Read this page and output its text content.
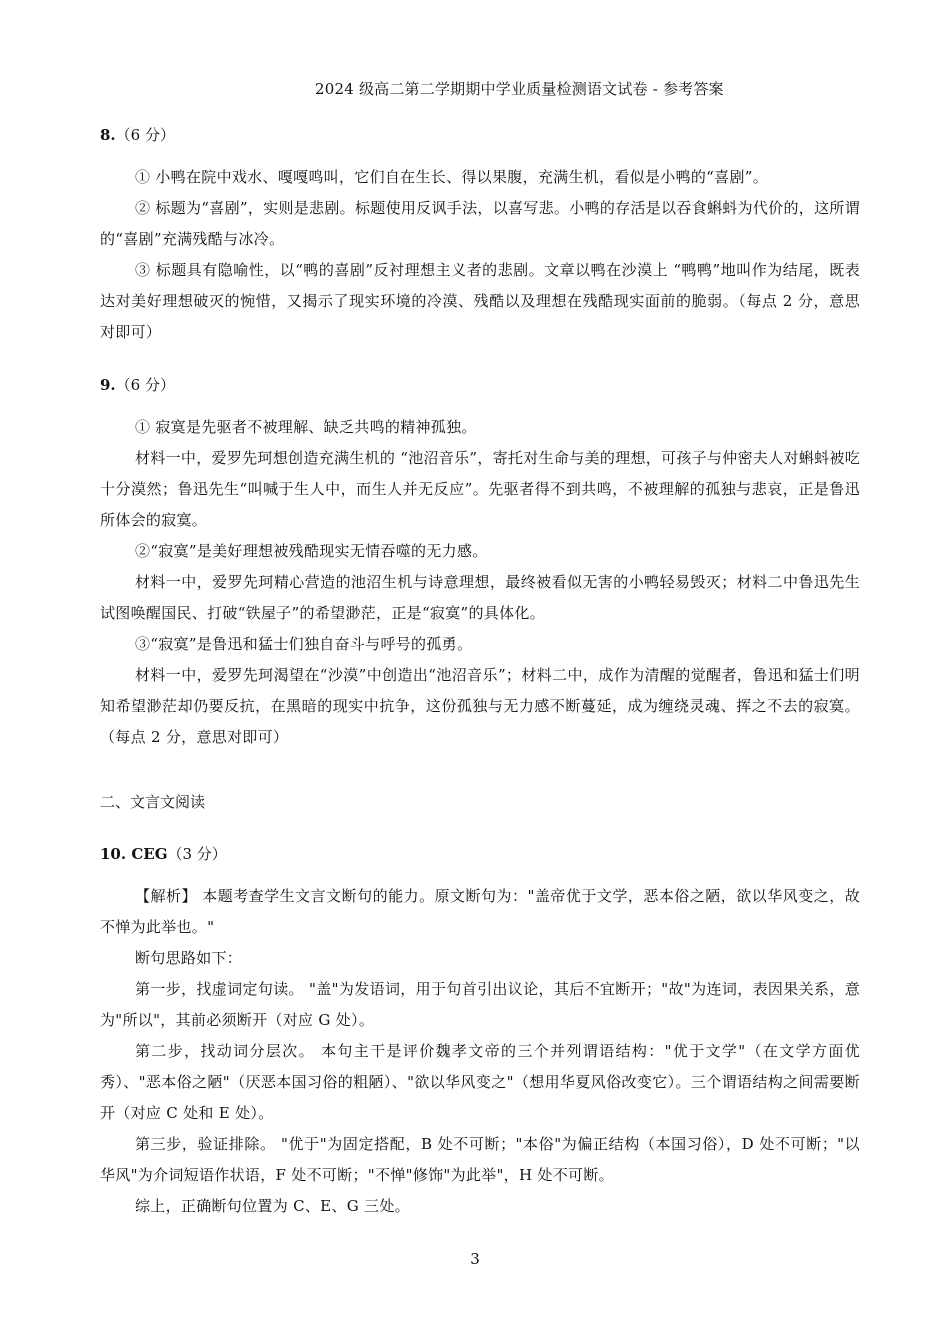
2024 级高二第二学期期中学业质量检测语文试卷 - 参考答案

8.（6 分）

① 小鸭在院中戏水、嘎嘎鸣叫，它们自在生长、得以果腹，充满生机，看似是小鸭的“喜剧”。

② 标题为“喜剧”，实则是悲剧。标题使用反讽手法，以喜写悲。小鸭的存活是以吞食蝌蚪为代价的，这所谓的“喜剧”充满残酷与冰冷。

③ 标题具有隐喻性，以“鸭的喜剧”反衬理想主义者的悲剧。文章以鸭在沙漠上 “鸭鸭”地叫作为结尾，既表达对美好理想破灭的惋惜，又揭示了现实环境的冷漠、残酷以及理想在残酷现实面前的脆弱。（每点 2 分，意思对即可）

9.（6 分）

① 寂寞是先驱者不被理解、缺乏共鸣的精神孤独。

材料一中，爱罗先珂想创造充满生机的 “池沼音乐”，寄托对生命与美的理想，可孩子与仲密夫人对蝌蚪被吃十分漠然；鲁迅先生“叫喊于生人中，而生人并无反应”。先驱者得不到共鸣，不被理解的孤独与悲哀，正是鲁迅所体会的寂寞。

②“寂寞”是美好理想被残酷现实无情吞噬的无力感。

材料一中，爱罗先珂精心营造的池沼生机与诗意理想，最终被看似无害的小鸭轻易毁灭；材料二中鲁迅先生试图唤醒国民、打破“铁屋子”的希望渺茫，正是“寂寞”的具体化。

③“寂寞”是鲁迅和猛士们独自奋斗与呼号的孤勇。

材料一中，爱罗先珂渴望在“沙漠”中创造出“池沼音乐”；材料二中，成作为清醒的觉醒者，鲁迅和猛士们明知希望渺茫却仍要反抗，在黑暗的现实中抗争，这份孤独与无力感不断蔓延，成为缠绕灵魂、挥之不去的寂寞。（每点 2 分，意思对即可）

二、文言文阅读

10. CEG（3 分）

【解析】 本题考查学生文言文断句的能力。原文断句为："盖帝优于文学，恶本俗之陋，欲以华风变之，故不惮为此举也。"

断句思路如下：

第一步，找虚词定句读。 "盖"为发语词，用于句首引出议论，其后不宜断开；"故"为连词，表因果关系，意为"所以"，其前必须断开（对应 G 处）。

第二步，找动词分层次。 本句主干是评价魏孝文帝的三个并列谓语结构："优于文学"（在文学方面优秀）、"恶本俗之陋"（厌恶本国习俗的粗陋）、"欲以华风变之"（想用华夏风俗改变它）。三个谓语结构之间需要断开（对应 C 处和 E 处）。

第三步，验证排除。 "优于"为固定搭配，B 处不可断；"本俗"为偏正结构（本国习俗），D 处不可断；"以华风"为介词短语作状语，F 处不可断；"不惮"修饰"为此举"，H 处不可断。

综上，正确断句位置为 C、E、G 三处。

3
